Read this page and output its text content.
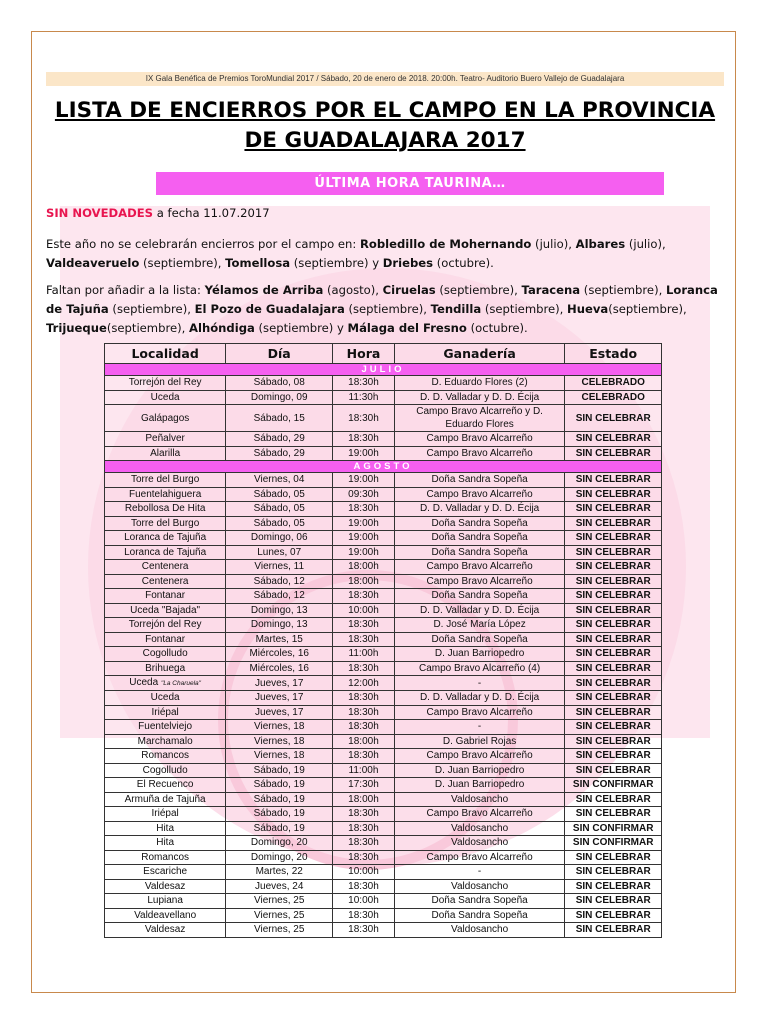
IX Gala Benéfica de Premios ToroMundial 2017 / Sábado, 20 de enero de 2018. 20:00h. Teatro- Auditorio Buero Vallejo de Guadalajara
LISTA DE ENCIERROS POR EL CAMPO EN LA PROVINCIA
DE GUADALAJARA 2017
ÚLTIMA HORA TAURINA…
SIN NOVEDADES a fecha 11.07.2017
Este año no se celebrarán encierros por el campo en: Robledillo de Mohernando (julio), Albares (julio), Valdeaveruelo (septiembre), Tomellosa (septiembre) y Driebes (octubre).
Faltan por añadir a la lista: Yélamos de Arriba (agosto), Ciruelas (septiembre), Taracena (septiembre), Loranca de Tajuña (septiembre), El Pozo de Guadalajara (septiembre), Tendilla (septiembre), Hueva(septiembre), Trijueque(septiembre), Alhóndiga (septiembre) y Málaga del Fresno (octubre).
Localidad	Día	Hora	Ganadería	Estado
JULIO				
Torrejón del Rey	Sábado, 08	18:30h	D. Eduardo Flores (2)	CELEBRADO
Uceda	Domingo, 09	11:30h	D. D. Valladar y D. D. Écija	CELEBRADO
Galápagos	Sábado, 15	18:30h	Campo Bravo Alcarreño y D. Eduardo Flores	SIN CELEBRAR
Peñalver	Sábado, 29	18:30h	Campo Bravo Alcarreño	SIN CELEBRAR
Alarilla	Sábado, 29	19:00h	Campo Bravo Alcarreño	SIN CELEBRAR
AGOSTO				
Torre del Burgo	Viernes, 04	19:00h	Doña Sandra Sopeña	SIN CELEBRAR
Fuentelahiguera	Sábado, 05	09:30h	Campo Bravo Alcarreño	SIN CELEBRAR
Rebollosa De Hita	Sábado, 05	18:30h	D. D. Valladar y D. D. Écija	SIN CELEBRAR
Torre del Burgo	Sábado, 05	19:00h	Doña Sandra Sopeña	SIN CELEBRAR
Loranca de Tajuña	Domingo, 06	19:00h	Doña Sandra Sopeña	SIN CELEBRAR
Loranca de Tajuña	Lunes, 07	19:00h	Doña Sandra Sopeña	SIN CELEBRAR
Centenera	Viernes, 11	18:00h	Campo Bravo Alcarreño	SIN CELEBRAR
Centenera	Sábado, 12	18:00h	Campo Bravo Alcarreño	SIN CELEBRAR
Fontanar	Sábado, 12	18:30h	Doña Sandra Sopeña	SIN CELEBRAR
Uceda "Bajada"	Domingo, 13	10:00h	D. D. Valladar y D. D. Écija	SIN CELEBRAR
Torrejón del Rey	Domingo, 13	18:30h	D. José María López	SIN CELEBRAR
Fontanar	Martes, 15	18:30h	Doña Sandra Sopeña	SIN CELEBRAR
Cogolludo	Miércoles, 16	11:00h	D. Juan Barriopedro	SIN CELEBRAR
Brihuega	Miércoles, 16	18:30h	Campo Bravo Alcarreño (4)	SIN CELEBRAR
Uceda "La Charuela"	Jueves, 17	12:00h	-	SIN CELEBRAR
Uceda	Jueves, 17	18:30h	D. D. Valladar y D. D. Écija	SIN CELEBRAR
Iriépal	Jueves, 17	18:30h	Campo Bravo Alcarreño	SIN CELEBRAR
Fuentelviejo	Viernes, 18	18:30h	-	SIN CELEBRAR
Marchamalo	Viernes, 18	18:00h	D. Gabriel Rojas	SIN CELEBRAR
Romancos	Viernes, 18	18:30h	Campo Bravo Alcarreño	SIN CELEBRAR
Cogolludo	Sábado, 19	11:00h	D. Juan Barriopedro	SIN CELEBRAR
El Recuenco	Sábado, 19	17:30h	D. Juan Barriopedro	SIN CONFIRMAR
Armuña de Tajuña	Sábado, 19	18:00h	Valdosancho	SIN CELEBRAR
Iriépal	Sábado, 19	18:30h	Campo Bravo Alcarreño	SIN CELEBRAR
Hita	Sábado, 19	18:30h	Valdosancho	SIN CONFIRMAR
Hita	Domingo, 20	18:30h	Valdosancho	SIN CONFIRMAR
Romancos	Domingo, 20	18:30h	Campo Bravo Alcarreño	SIN CELEBRAR
Escariche	Martes, 22	10:00h	-	SIN CELEBRAR
Valdesaz	Jueves, 24	18:30h	Valdosancho	SIN CELEBRAR
Lupiana	Viernes, 25	10:00h	Doña Sandra Sopeña	SIN CELEBRAR
Valdeavellano	Viernes, 25	18:30h	Doña Sandra Sopeña	SIN CELEBRAR
Valdesaz	Viernes, 25	18:30h	Valdosancho	SIN CELEBRAR
